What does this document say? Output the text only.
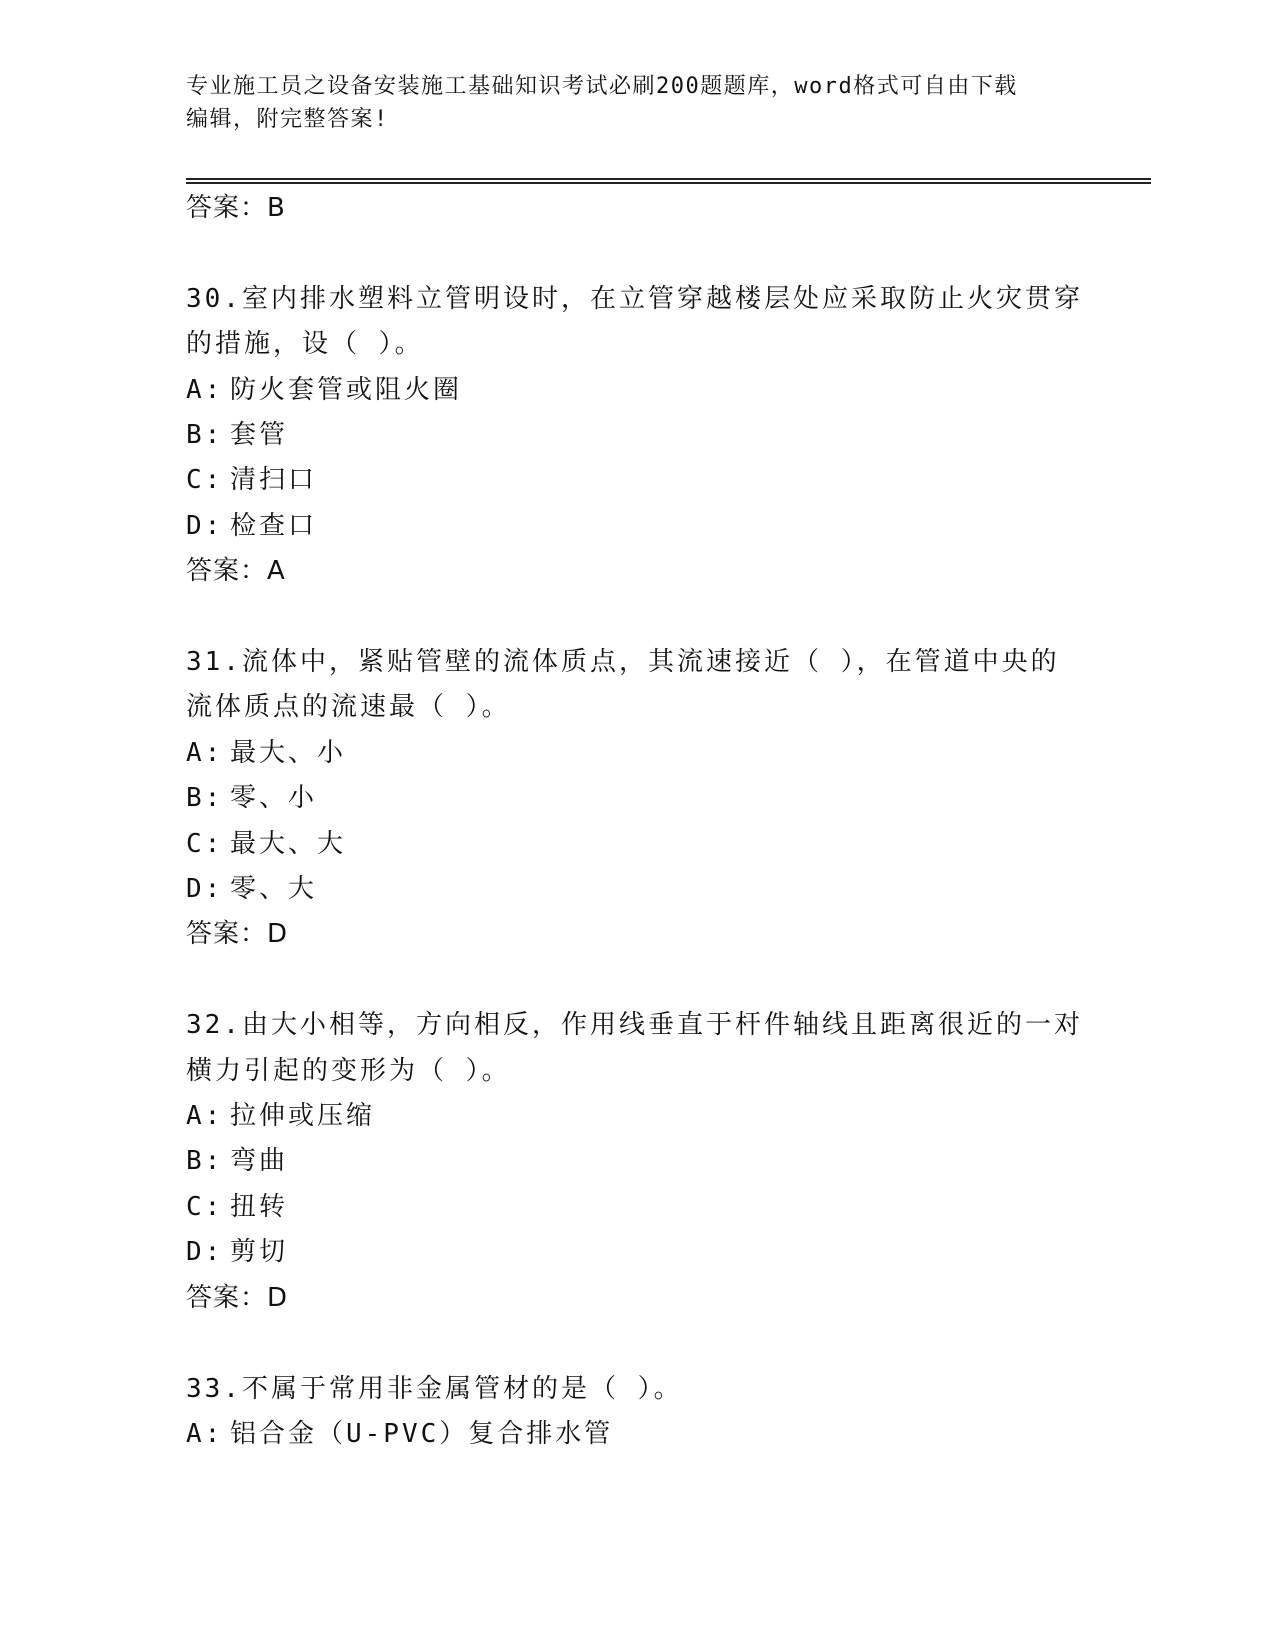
专业施工员之设备安装施工基础知识考试必刷200题题库，word格式可自由下载

编辑，附完整答案!

答案：B

30.室内排水塑料立管明设时，在立管穿越楼层处应采取防止火灾贯穿

的措施，设（ ）。

A: 防火套管或阻火圈

B: 套管

C: 清扫口

D: 检查口

答案：A

31.流体中，紧贴管壁的流体质点，其流速接近（ ），在管道中央的

流体质点的流速最（ ）。

A: 最大、小

B: 零、小

C: 最大、大

D: 零、大

答案：D

32.由大小相等，方向相反，作用线垂直于杆件轴线且距离很近的一对

横力引起的变形为（ ）。

A: 拉伸或压缩

B: 弯曲

C: 扭转

D: 剪切

答案：D

33.不属于常用非金属管材的是（ ）。

A: 铝合金（U-PVC）复合排水管
